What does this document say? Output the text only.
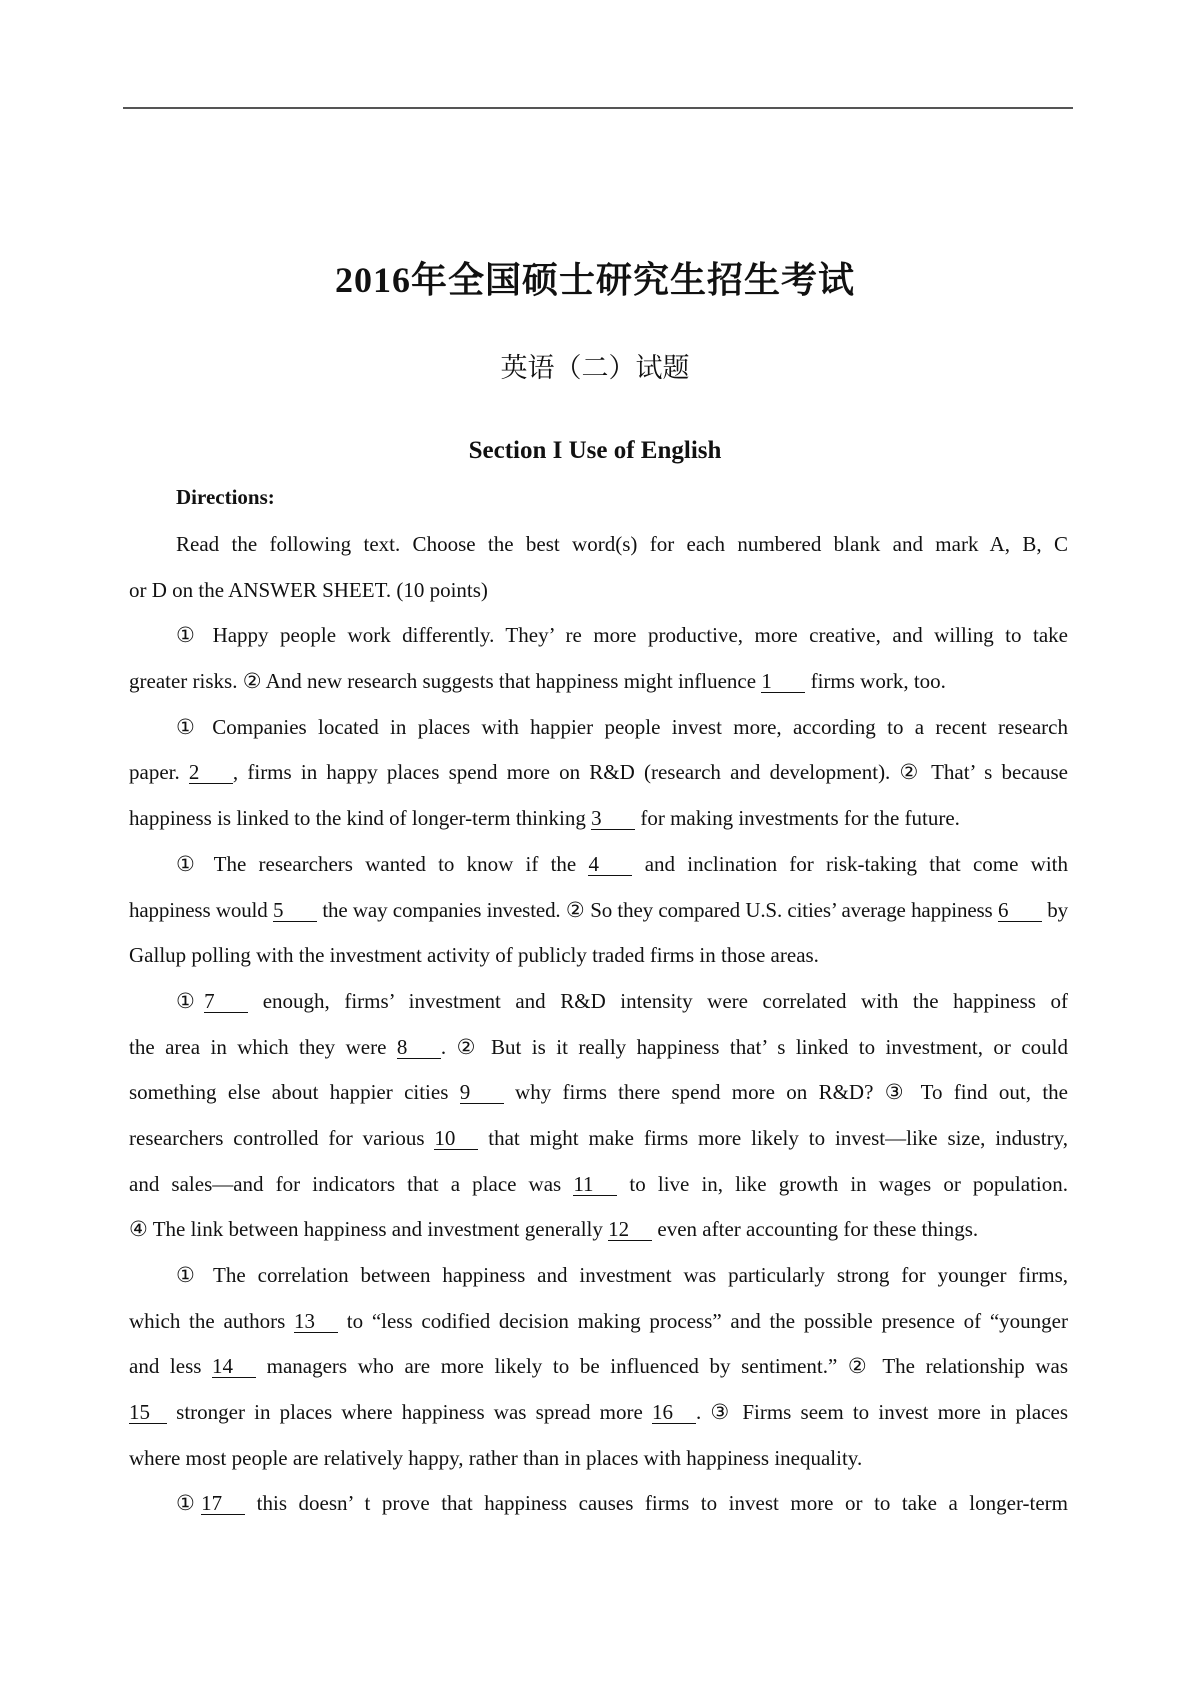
2016年全国硕士研究生招生考试
英语（二）试题
Section I Use of English
Directions:
Read the following text. Choose the best word(s) for each numbered blank and mark A, B, C
or D on the ANSWER SHEET. (10 points)
① Happy people work differently. They’ re more productive, more creative, and willing to take
greater risks. ② And new research suggests that happiness might influence 1 firms work, too.
① Companies located in places with happier people invest more, according to a recent research
paper. 2 , firms in happy places spend more on R&D (research and development). ② That’ s because
happiness is linked to the kind of longer-term thinking 3 for making investments for the future.
① The researchers wanted to know if the 4 and inclination for risk-taking that come with
happiness would 5 the way companies invested. ② So they compared U.S. cities’ average happiness 6 by
Gallup polling with the investment activity of publicly traded firms in those areas.
①7 enough, firms’ investment and R&D intensity were correlated with the happiness of
the area in which they were 8 . ② But is it really happiness that’ s linked to investment, or could
something else about happier cities 9 why firms there spend more on R&D? ③ To find out, the
researchers controlled for various 10 that might make firms more likely to invest—like size, industry,
and sales—and for indicators that a place was 11 to live in, like growth in wages or population.
④ The link between happiness and investment generally 12 even after accounting for these things.
① The correlation between happiness and investment was particularly strong for younger firms,
which the authors 13 to “less codified decision making process” and the possible presence of “younger
and less 14 managers who are more likely to be influenced by sentiment.” ② The relationship was
15 stronger in places where happiness was spread more 16 . ③ Firms seem to invest more in places
where most people are relatively happy, rather than in places with happiness inequality.
①17 this doesn’ t prove that happiness causes firms to invest more or to take a longer-term
